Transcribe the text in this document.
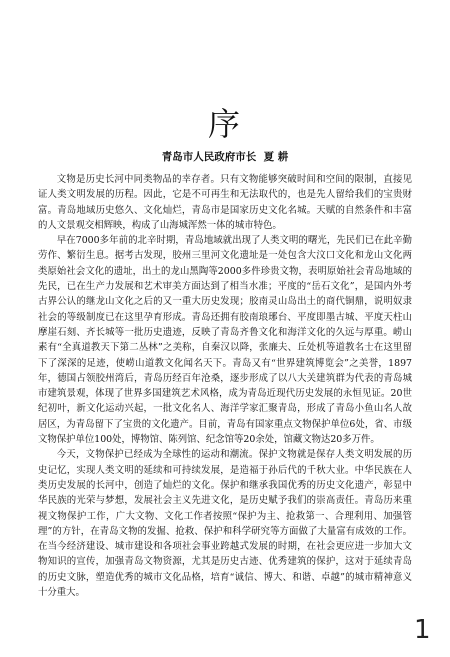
序
青岛市人民政府市长  夏 耕

文物是历史长河中同类物品的幸存者。只有文物能够突破时间和空间的限制，直接见证人类文明发展的历程。因此，它是不可再生和无法取代的，也是先人留给我们的宝贵财富。青岛地域历史悠久、文化灿烂，青岛市是国家历史文化名城。天赋的自然条件和丰富的人文景观交相辉映，构成了山海城浑然一体的城市特色。

早在7000多年前的北辛时期，青岛地域就出现了人类文明的曙光，先民们已在此辛勤劳作、繁衍生息。据考古发现，胶州三里河文化遗址是一处包含大汶口文化和龙山文化两类原始社会文化的遗址，出土的龙山黑陶等2000多件珍贵文物，表明原始社会青岛地域的先民，已在生产力发展和艺术审美方面达到了相当水准；平度的“岳石文化”，是国内外考古界公认的继龙山文化之后的又一重大历史发现；胶南灵山岛出土的商代铜鼎，说明奴隶社会的等级制度已在这里孕育形成。青岛还拥有胶南琅琊台、平度即墨古城、平度天柱山摩崖石刻、齐长城等一批历史遗迹，反映了青岛齐鲁文化和海洋文化的久远与厚重。崂山素有“全真道教天下第二丛林”之美称，自秦汉以降，张廉夫、丘处机等道教名士在这里留下了深深的足迹，使崂山道教文化闻名天下。青岛又有“世界建筑博览会”之美誉，1897年，德国占领胶州湾后，青岛历经百年沧桑，逐步形成了以八大关建筑群为代表的青岛城市建筑景观，体现了世界多国建筑艺术风格，成为青岛近现代历史发展的永恒见证。20世纪初叶，新文化运动兴起，一批文化名人、海洋学家汇聚青岛，形成了青岛小鱼山名人故居区，为青岛留下了宝贵的文化遗产。目前，青岛有国家重点文物保护单位6处，省、市级文物保护单位100处，博物馆、陈列馆、纪念馆等20余处，馆藏文物达20多万件。

今天，文物保护已经成为全球性的运动和潮流。保护文物就是保存人类文明发展的历史记忆，实现人类文明的延续和可持续发展，是造福于孙后代的千秋大业。中华民族在人类历史发展的长河中，创造了灿烂的文化。保护和继承我国优秀的历史文化遗产，彰显中华民族的光荣与梦想，发展社会主义先进文化，是历史赋予我们的崇高责任。青岛历来重视文物保护工作，广大文物、文化工作者按照“保护为主、抢救第一、合理利用、加强管理”的方针，在青岛文物的发掘、抢救、保护和科学研究等方面做了大量富有成效的工作。在当今经济建设、城市建设和各项社会事业跨越式发展的时期，在社会更应进一步加大文物知识的宣传，加强青岛文物资源，尤其是历史古迹、优秀建筑的保护，这对于延续青岛的历史文脉，塑造优秀的城市文化品格，培育“诚信、博大、和谐、卓越”的城市精神意义十分重大。

1
